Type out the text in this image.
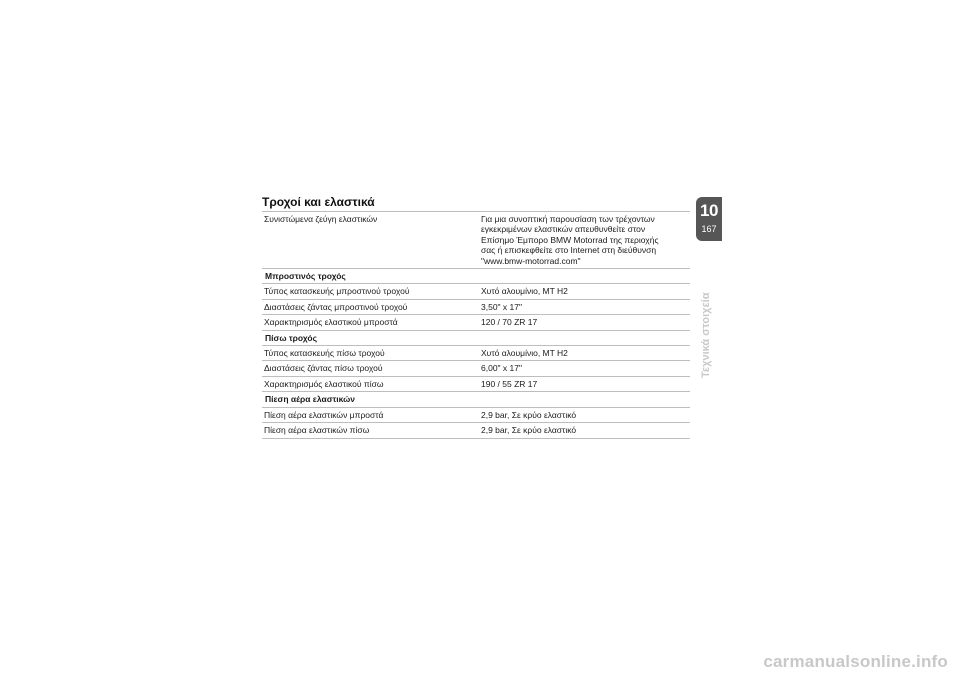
Τροχοί και ελαστικά
Συνιστώμενα ζεύγη ελαστικών	Για μια συνοπτική παρουσίαση των τρέχοντων
εγκεκριμένων ελαστικών απευθυνθείτε στον
Επίσημο Έμπορο BMW Motorrad της περιοχής
σας ή επισκεφθείτε στο Internet στη διεύθυνση
"www.bmw-motorrad.com"
Μπροστινός τροχός
Τύπος κατασκευής μπροστινού τροχού	Χυτό αλουμίνιο, MT H2
Διαστάσεις ζάντας μπροστινού τροχού	3,50" x 17"
Χαρακτηρισμός ελαστικού μπροστά	120 / 70 ZR 17
Πίσω τροχός
Τύπος κατασκευής πίσω τροχού	Χυτό αλουμίνιο, MT H2
Διαστάσεις ζάντας πίσω τροχού	6,00" x 17"
Χαρακτηρισμός ελαστικού πίσω	190 / 55 ZR 17
Πίεση αέρα ελαστικών
Πίεση αέρα ελαστικών μπροστά	2,9 bar, Σε κρύο ελαστικό
Πίεση αέρα ελαστικών πίσω	2,9 bar, Σε κρύο ελαστικό
10
167
Τεχνικά στοιχεία
carmanualsonline.info
